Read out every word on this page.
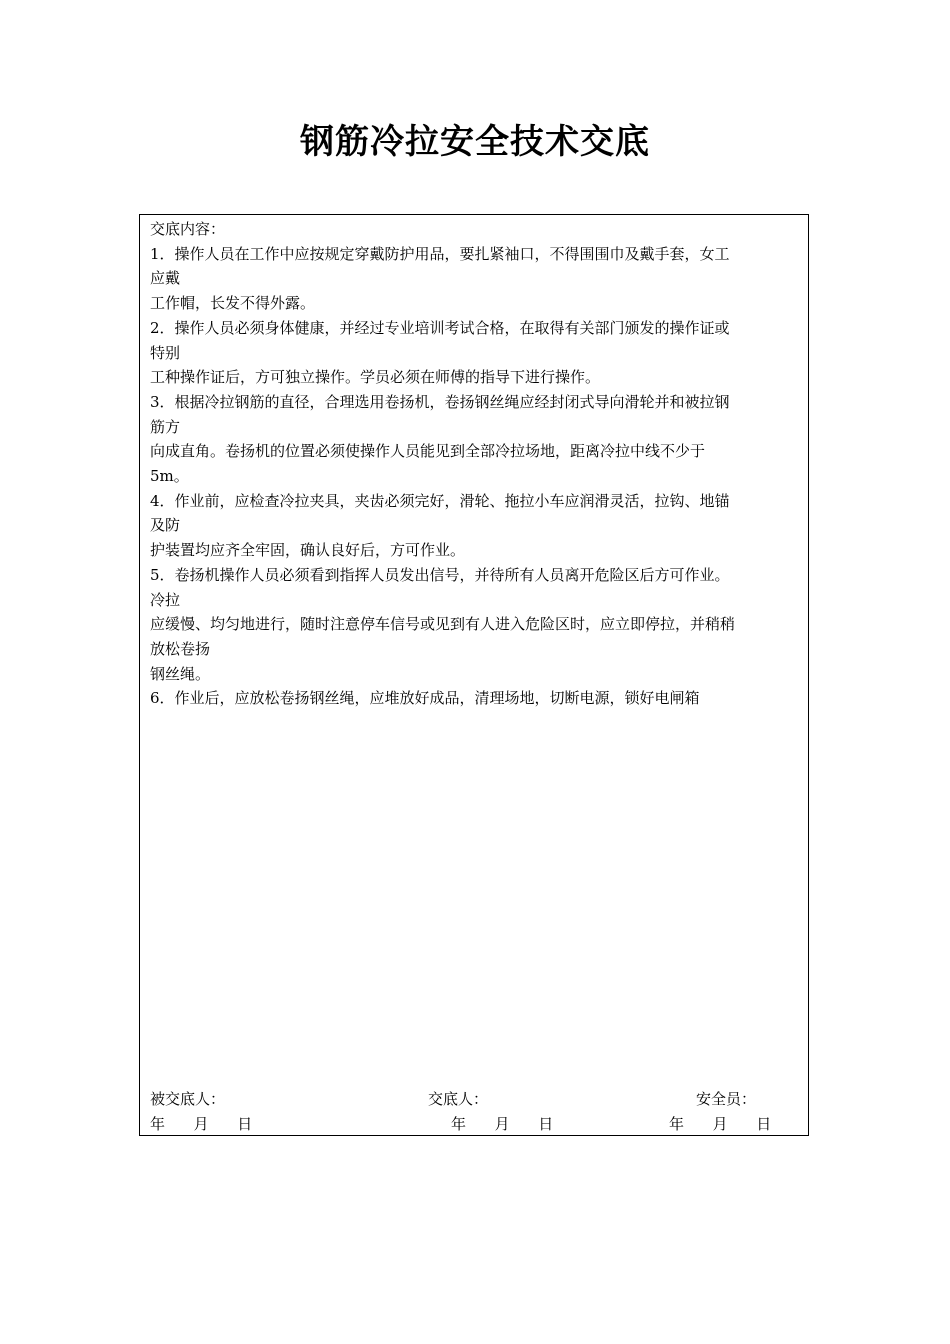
钢筋冷拉安全技术交底
交底内容：
1．操作人员在工作中应按规定穿戴防护用品，要扎紧袖口，不得围围巾及戴手套，女工
应戴
工作帽，长发不得外露。
2．操作人员必须身体健康，并经过专业培训考试合格，在取得有关部门颁发的操作证或
特别
工种操作证后，方可独立操作。学员必须在师傅的指导下进行操作。
3．根据冷拉钢筋的直径，合理选用卷扬机，卷扬钢丝绳应经封闭式导向滑轮并和被拉钢
筋方
向成直角。卷扬机的位置必须使操作人员能见到全部冷拉场地，距离冷拉中线不少于
5m。
4．作业前，应检查冷拉夹具，夹齿必须完好，滑轮、拖拉小车应润滑灵活，拉钩、地锚
及防
护装置均应齐全牢固，确认良好后，方可作业。
5．卷扬机操作人员必须看到指挥人员发出信号，并待所有人员离开危险区后方可作业。
冷拉
应缓慢、均匀地进行，随时注意停车信号或见到有人进入危险区时，应立即停拉，并稍稍
放松卷扬
钢丝绳。
6．作业后，应放松卷扬钢丝绳，应堆放好成品，清理场地，切断电源，锁好电闸箱
被交底人：	交底人：	安全员：
年      月      日	年      月      日	年      月      日
